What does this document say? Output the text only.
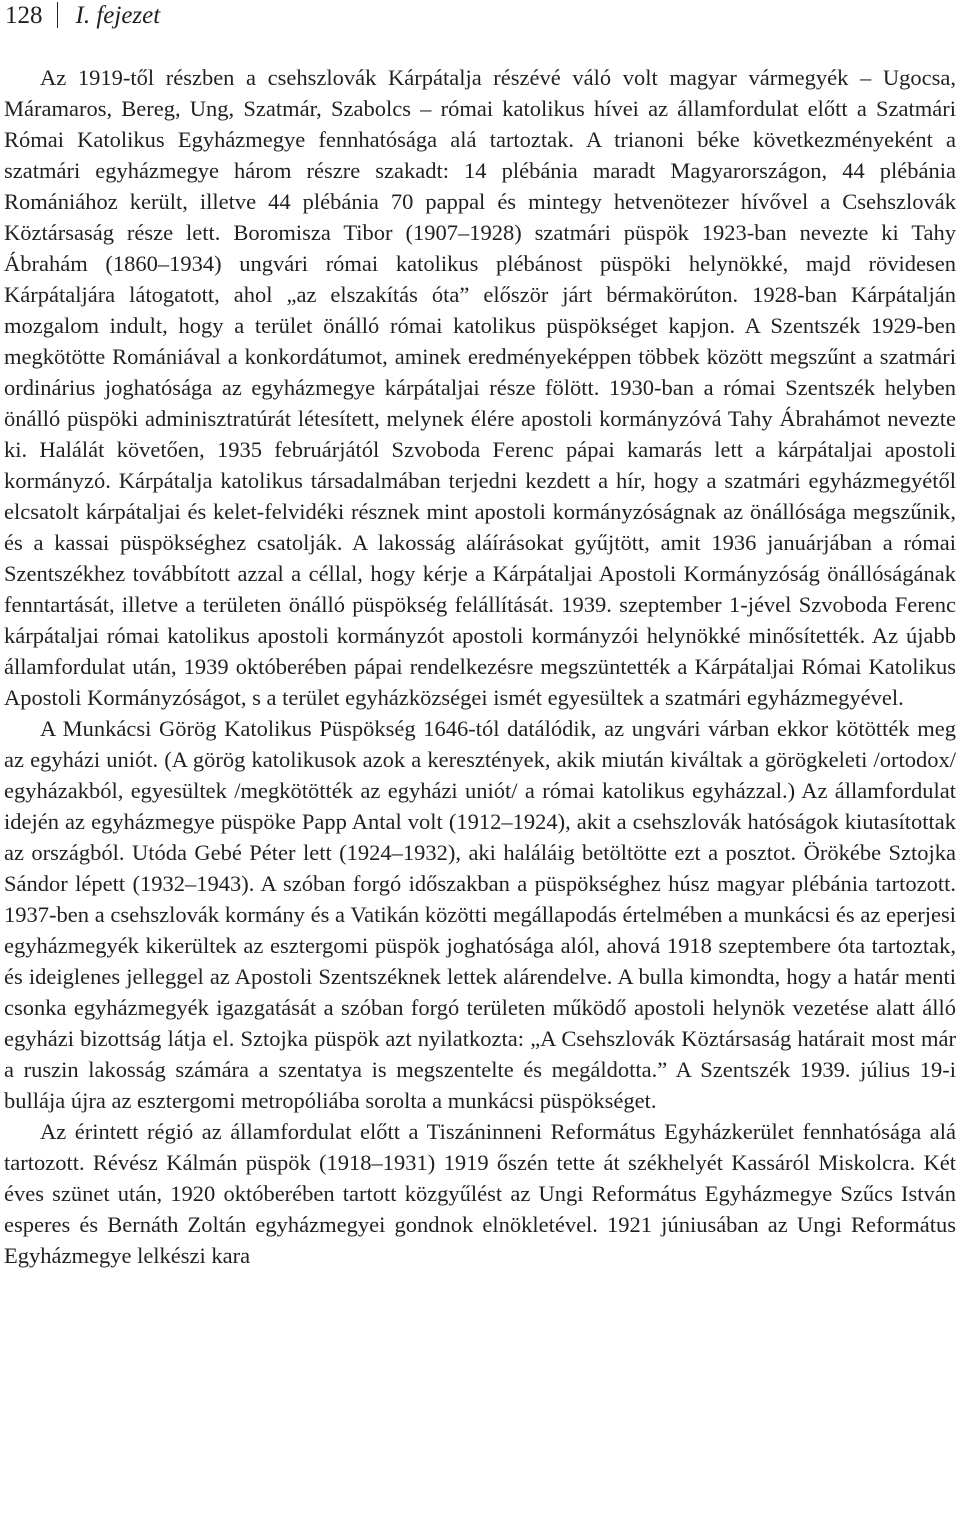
128 I. fejezet

Az 1919-től részben a csehszlovák Kárpátalja részévé váló volt magyar vármegyék – Ugocsa, Máramaros, Bereg, Ung, Szatmár, Szabolcs – római katolikus hívei az államfordulat előtt a Szatmári Római Katolikus Egyházmegye fennhatósága alá tartoztak. A trianoni béke következményeként a szatmári egyházmegye három részre szakadt: 14 plébánia maradt Magyarországon, 44 plébánia Romániához került, illetve 44 plébánia 70 pappal és mintegy hetvenötezer hívővel a Csehszlovák Köztársaság része lett. Boromisza Tibor (1907–1928) szatmári püspök 1923-ban nevezte ki Tahy Ábrahám (1860–1934) ungvári római katolikus plébánost püspöki helynökké, majd rövidesen Kárpátaljára látogatott, ahol „az elszakítás óta” először járt bérmakörúton. 1928-ban Kárpátalján mozgalom indult, hogy a terület önálló római katolikus püspökséget kapjon. A Szentszék 1929-ben megkötötte Romániával a konkordátumot, aminek eredményeképpen többek között megszűnt a szatmári ordinárius joghatósága az egyházmegye kárpátaljai része fölött. 1930-ban a római Szentszék helyben önálló püspöki adminisztratúrát létesített, melynek élére apostoli kormányzóvá Tahy Ábrahámot nevezte ki. Halálát követően, 1935 februárjától Szvoboda Ferenc pápai kamarás lett a kárpátaljai apostoli kormányzó. Kárpátalja katolikus társadalmában terjedni kezdett a hír, hogy a szatmári egyházmegyétől elcsatolt kárpátaljai és kelet-felvidéki résznek mint apostoli kormányzóságnak az önállósága megszűnik, és a kassai püspökséghez csatolják. A lakosság aláírásokat gyűjtött, amit 1936 januárjában a római Szentszékhez továbbított azzal a céllal, hogy kérje a Kárpátaljai Apostoli Kormányzóság önállóságának fenntartását, illetve a területen önálló püspökség felállítását. 1939. szeptember 1-jével Szvoboda Ferenc kárpátaljai római katolikus apostoli kormányzót apostoli kormányzói helynökké minősítették. Az újabb államfordulat után, 1939 októberében pápai rendelkezésre megszüntették a Kárpátaljai Római Katolikus Apostoli Kormányzóságot, s a terület egyházközségei ismét egyesültek a szatmári egyházmegyével.

A Munkácsi Görög Katolikus Püspökség 1646-tól datálódik, az ungvári várban ekkor kötötték meg az egyházi uniót. (A görög katolikusok azok a keresztények, akik miután kiváltak a görögkeleti /ortodox/ egyházakból, egyesültek /megkötötték az egyházi uniót/ a római katolikus egyházzal.) Az államfordulat idején az egyházmegye püspöke Papp Antal volt (1912–1924), akit a csehszlovák hatóságok kiutasítottak az országból. Utóda Gebé Péter lett (1924–1932), aki haláláig betöltötte ezt a posztot. Örökébe Sztojka Sándor lépett (1932–1943). A szóban forgó időszakban a püspökséghez húsz magyar plébánia tartozott. 1937-ben a csehszlovák kormány és a Vatikán közötti megállapodás értelmében a munkácsi és az eperjesi egyházmegyék kikerültek az esztergomi püspök joghatósága alól, ahová 1918 szeptembere óta tartoztak, és ideiglenes jelleggel az Apostoli Szentszéknek lettek alárendelve. A bulla kimondta, hogy a határ menti csonka egyházmegyék igazgatását a szóban forgó területen működő apostoli helynök vezetése alatt álló egyházi bizottság látja el. Sztojka püspök azt nyilatkozta: „A Csehszlovák Köztársaság határait most már a ruszin lakosság számára a szentatya is megszentelte és megáldotta.” A Szentszék 1939. július 19-i bullája újra az esztergomi metropóliába sorolta a munkácsi püspökséget.

Az érintett régió az államfordulat előtt a Tiszáninneni Református Egyházkerület fennhatósága alá tartozott. Révész Kálmán püspök (1918–1931) 1919 őszén tette át székhelyét Kassáról Miskolcra. Két éves szünet után, 1920 októberében tartott közgyűlést az Ungi Református Egyházmegye Szűcs István esperes és Bernáth Zoltán egyházmegyei gondnok elnökletével. 1921 júniusában az Ungi Református Egyházmegye lelkészi kara
